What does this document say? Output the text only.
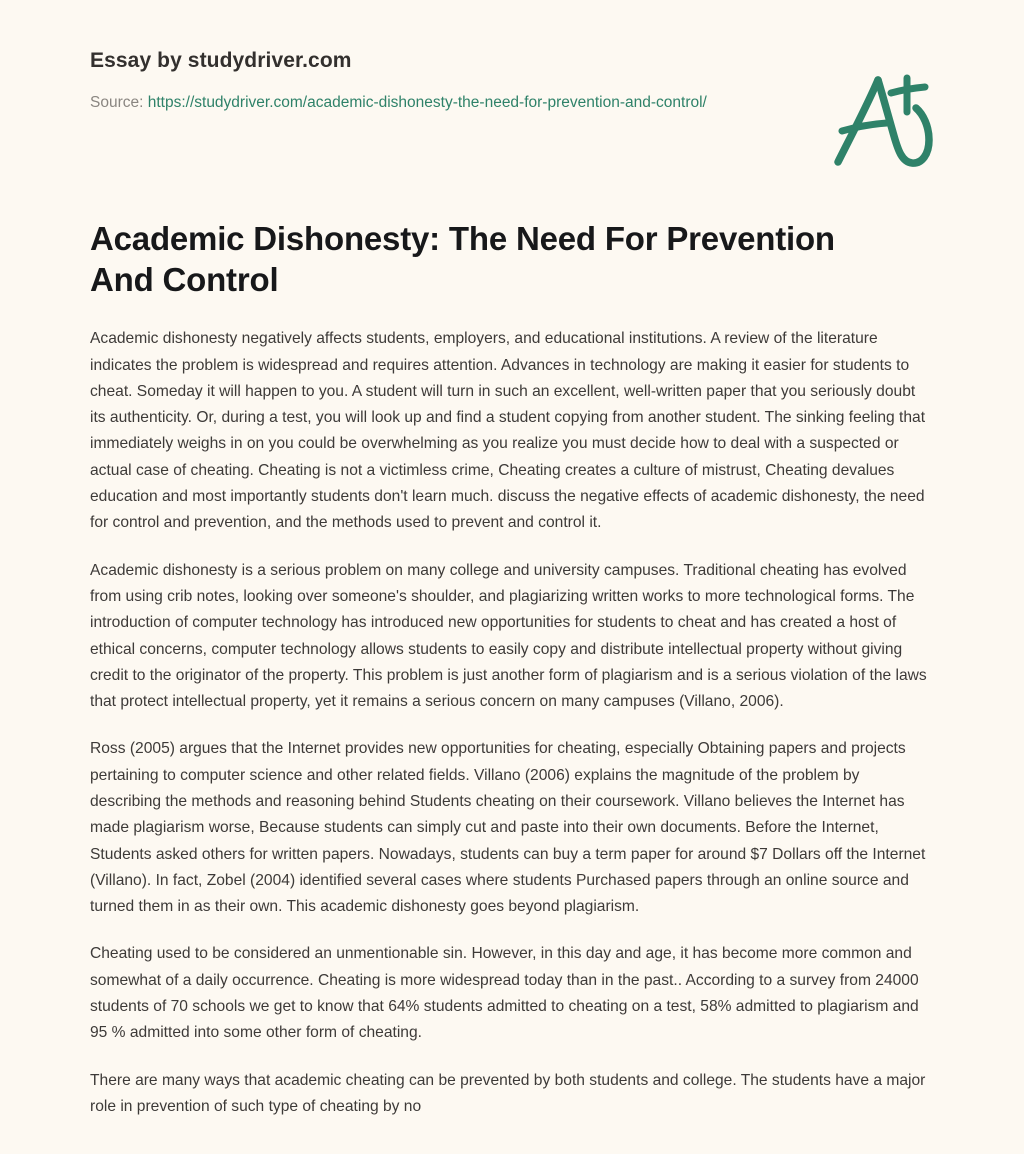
Essay by studydriver.com
Source: https://studydriver.com/academic-dishonesty-the-need-for-prevention-and-control/
Academic Dishonesty: The Need For Prevention And Control

Academic dishonesty negatively affects students, employers, and educational institutions. A review of the literature indicates the problem is widespread and requires attention. Advances in technology are making it easier for students to cheat. Someday it will happen to you. A student will turn in such an excellent, well-written paper that you seriously doubt its authenticity. Or, during a test, you will look up and find a student copying from another student. The sinking feeling that immediately weighs in on you could be overwhelming as you realize you must decide how to deal with a suspected or actual case of cheating. Cheating is not a victimless crime, Cheating creates a culture of mistrust, Cheating devalues education and most importantly students don't learn much. discuss the negative effects of academic dishonesty, the need for control and prevention, and the methods used to prevent and control it.

Academic dishonesty is a serious problem on many college and university campuses. Traditional cheating has evolved from using crib notes, looking over someone's shoulder, and plagiarizing written works to more technological forms. The introduction of computer technology has introduced new opportunities for students to cheat and has created a host of ethical concerns, computer technology allows students to easily copy and distribute intellectual property without giving credit to the originator of the property. This problem is just another form of plagiarism and is a serious violation of the laws that protect intellectual property, yet it remains a serious concern on many campuses (Villano, 2006).

Ross (2005) argues that the Internet provides new opportunities for cheating, especially Obtaining papers and projects pertaining to computer science and other related fields. Villano (2006) explains the magnitude of the problem by describing the methods and reasoning behind Students cheating on their coursework. Villano believes the Internet has made plagiarism worse, Because students can simply cut and paste into their own documents. Before the Internet, Students asked others for written papers. Nowadays, students can buy a term paper for around $7 Dollars off the Internet (Villano). In fact, Zobel (2004) identified several cases where students Purchased papers through an online source and turned them in as their own. This academic dishonesty goes beyond plagiarism.

Cheating used to be considered an unmentionable sin. However, in this day and age, it has become more common and somewhat of a daily occurrence. Cheating is more widespread today than in the past.. According to a survey from 24000 students of 70 schools we get to know that 64% students admitted to cheating on a test, 58% admitted to plagiarism and 95 % admitted into some other form of cheating.

There are many ways that academic cheating can be prevented by both students and college. The students have a major role in prevention of such type of cheating by no
